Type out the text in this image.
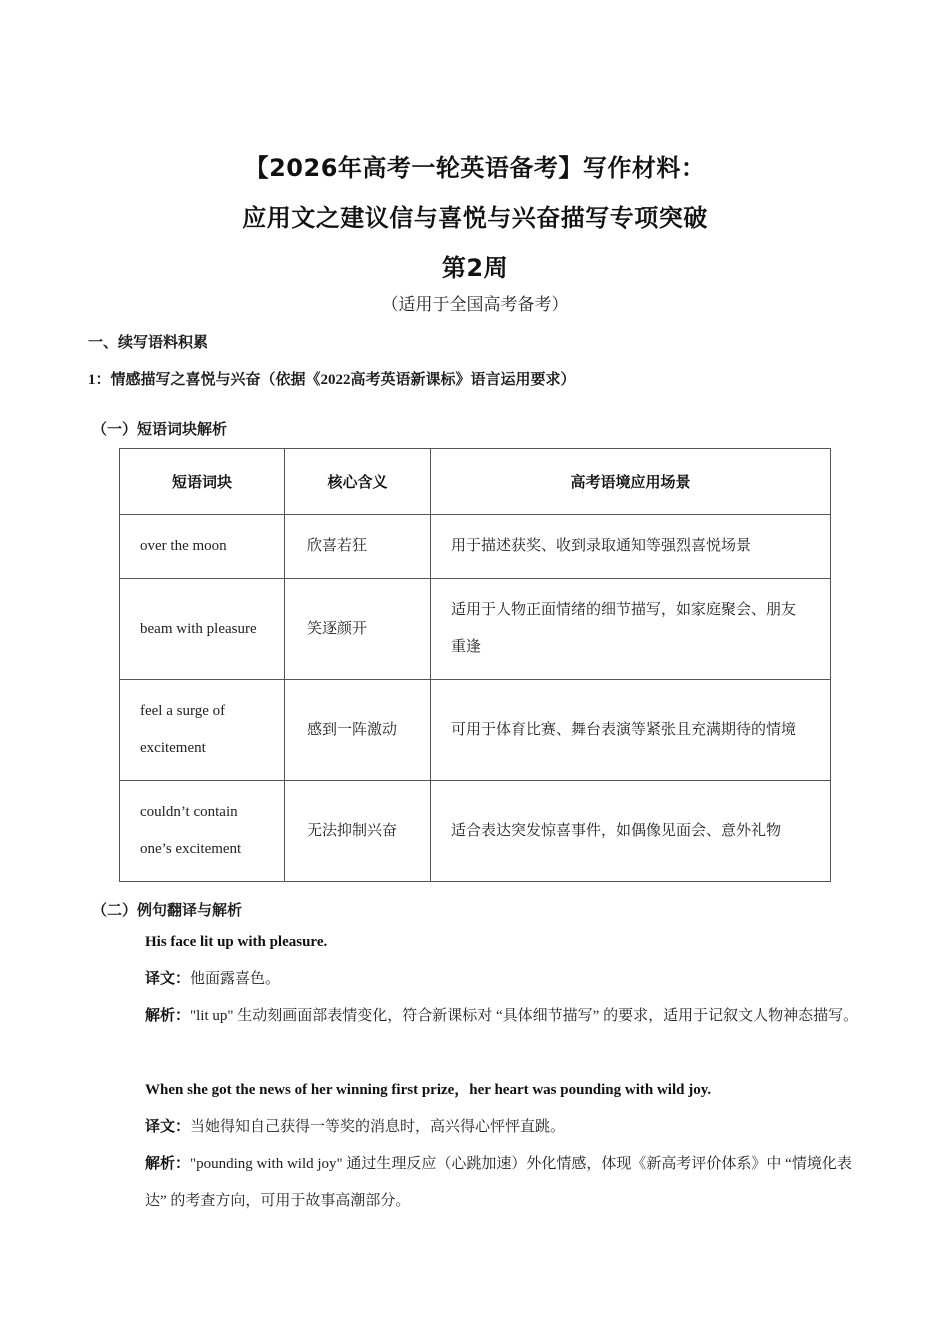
【2026年高考一轮英语备考】写作材料：
应用文之建议信与喜悦与兴奋描写专项突破
第2周
（适用于全国高考备考）
一、续写语料积累
1：情感描写之喜悦与兴奋（依据《2022高考英语新课标》语言运用要求）
（一）短语词块解析
短语词块	核心含义	高考语境应用场景
over the moon	欣喜若狂	用于描述获奖、收到录取通知等强烈喜悦场景
beam with pleasure	笑逐颜开	适用于人物正面情绪的细节描写，如家庭聚会、朋友重逢
feel a surge of excitement	感到一阵激动	可用于体育比赛、舞台表演等紧张且充满期待的情境
couldn’t contain one’s excitement	无法抑制兴奋	适合表达突发惊喜事件，如偶像见面会、意外礼物
（二）例句翻译与解析
His face lit up with pleasure.
译文：他面露喜色。
解析："lit up" 生动刻画面部表情变化，符合新课标对 “具体细节描写” 的要求，适用于记叙文人物神态描写。
When she got the news of her winning first prize，her heart was pounding with wild joy.
译文：当她得知自己获得一等奖的消息时，高兴得心怦怦直跳。
解析："pounding with wild joy" 通过生理反应（心跳加速）外化情感，体现《新高考评价体系》中 “情境化表达” 的考查方向，可用于故事高潮部分。
